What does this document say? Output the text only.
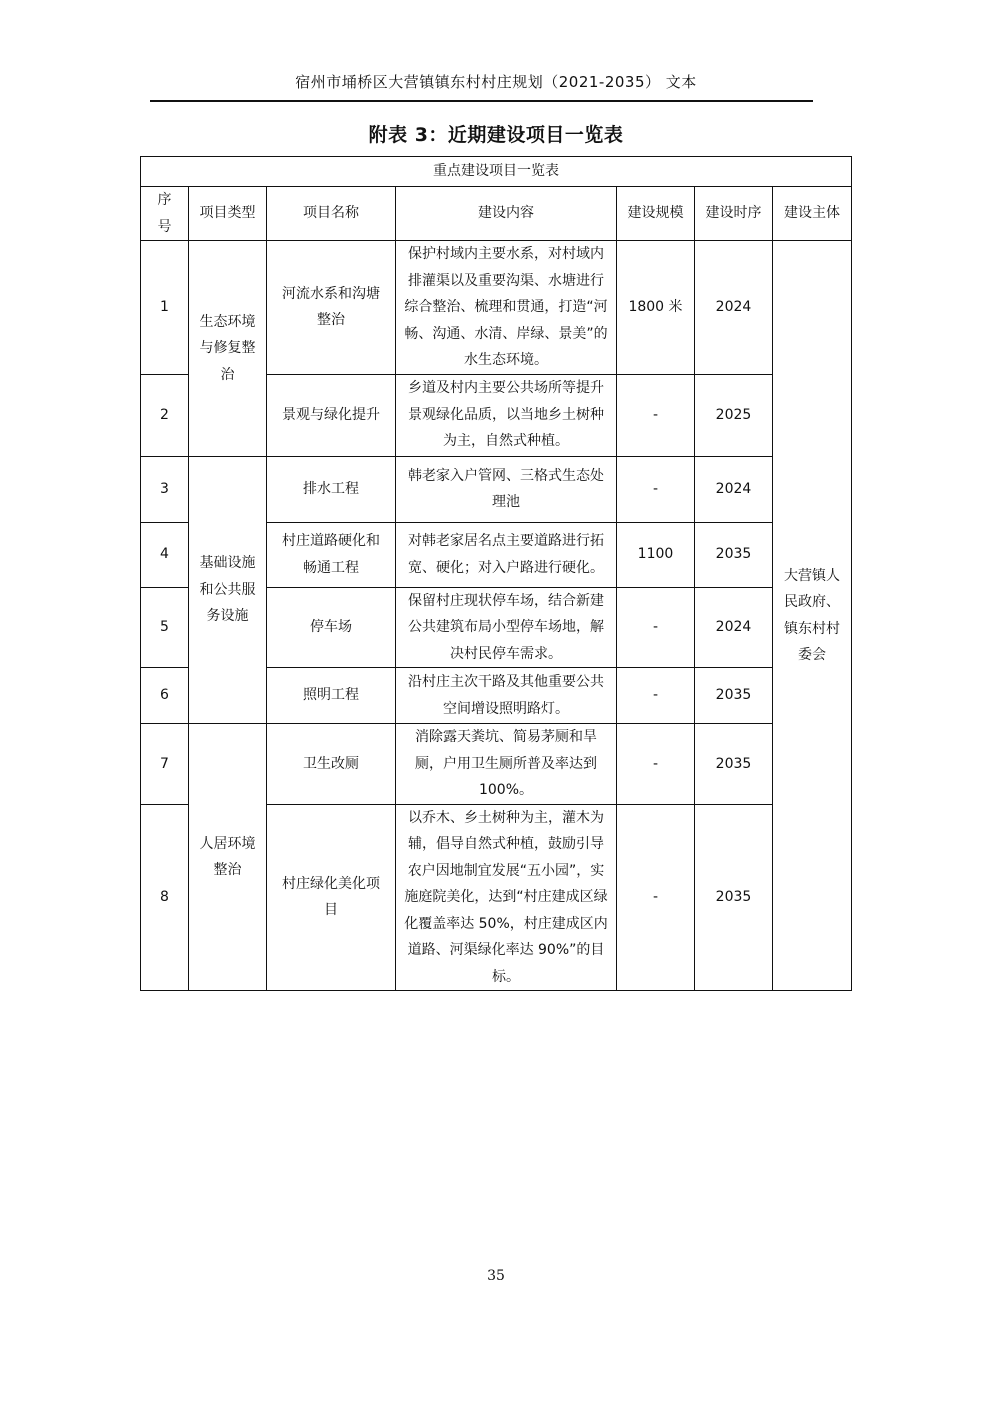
宿州市埇桥区大营镇镇东村村庄规划（2021-2035） 文本
附表 3：近期建设项目一览表
重点建设项目一览表						
序号	项目类型	项目名称	建设内容	建设规模	建设时序	建设主体
1	生态环境与修复整治	河流水系和沟塘整治	保护村域内主要水系，对村域内排灌渠以及重要沟渠、水塘进行综合整治、梳理和贯通，打造“河畅、沟通、水清、岸绿、景美”的水生态环境。	1800 米	2024	大营镇人民政府、镇东村村委会
2		景观与绿化提升	乡道及村内主要公共场所等提升景观绿化品质，以当地乡土树种为主，自然式种植。	-	2025	
3	基础设施和公共服务设施	排水工程	韩老家入户管网、三格式生态处理池	-	2024	
4		村庄道路硬化和畅通工程	对韩老家居名点主要道路进行拓宽、硬化；对入户路进行硬化。	1100	2035	
5		停车场	保留村庄现状停车场，结合新建公共建筑布局小型停车场地，解决村民停车需求。	-	2024	
6		照明工程	沿村庄主次干路及其他重要公共空间增设照明路灯。	-	2035	
7	人居环境整治	卫生改厕	消除露天粪坑、简易茅厕和旱厕，户用卫生厕所普及率达到 100%。	-	2035	
8		村庄绿化美化项目	以乔木、乡土树种为主，灌木为辅，倡导自然式种植，鼓励引导农户因地制宜发展“五小园”，实施庭院美化，达到“村庄建成区绿化覆盖率达 50%，村庄建成区内道路、河渠绿化率达 90%”的目标。	-	2035	
35
